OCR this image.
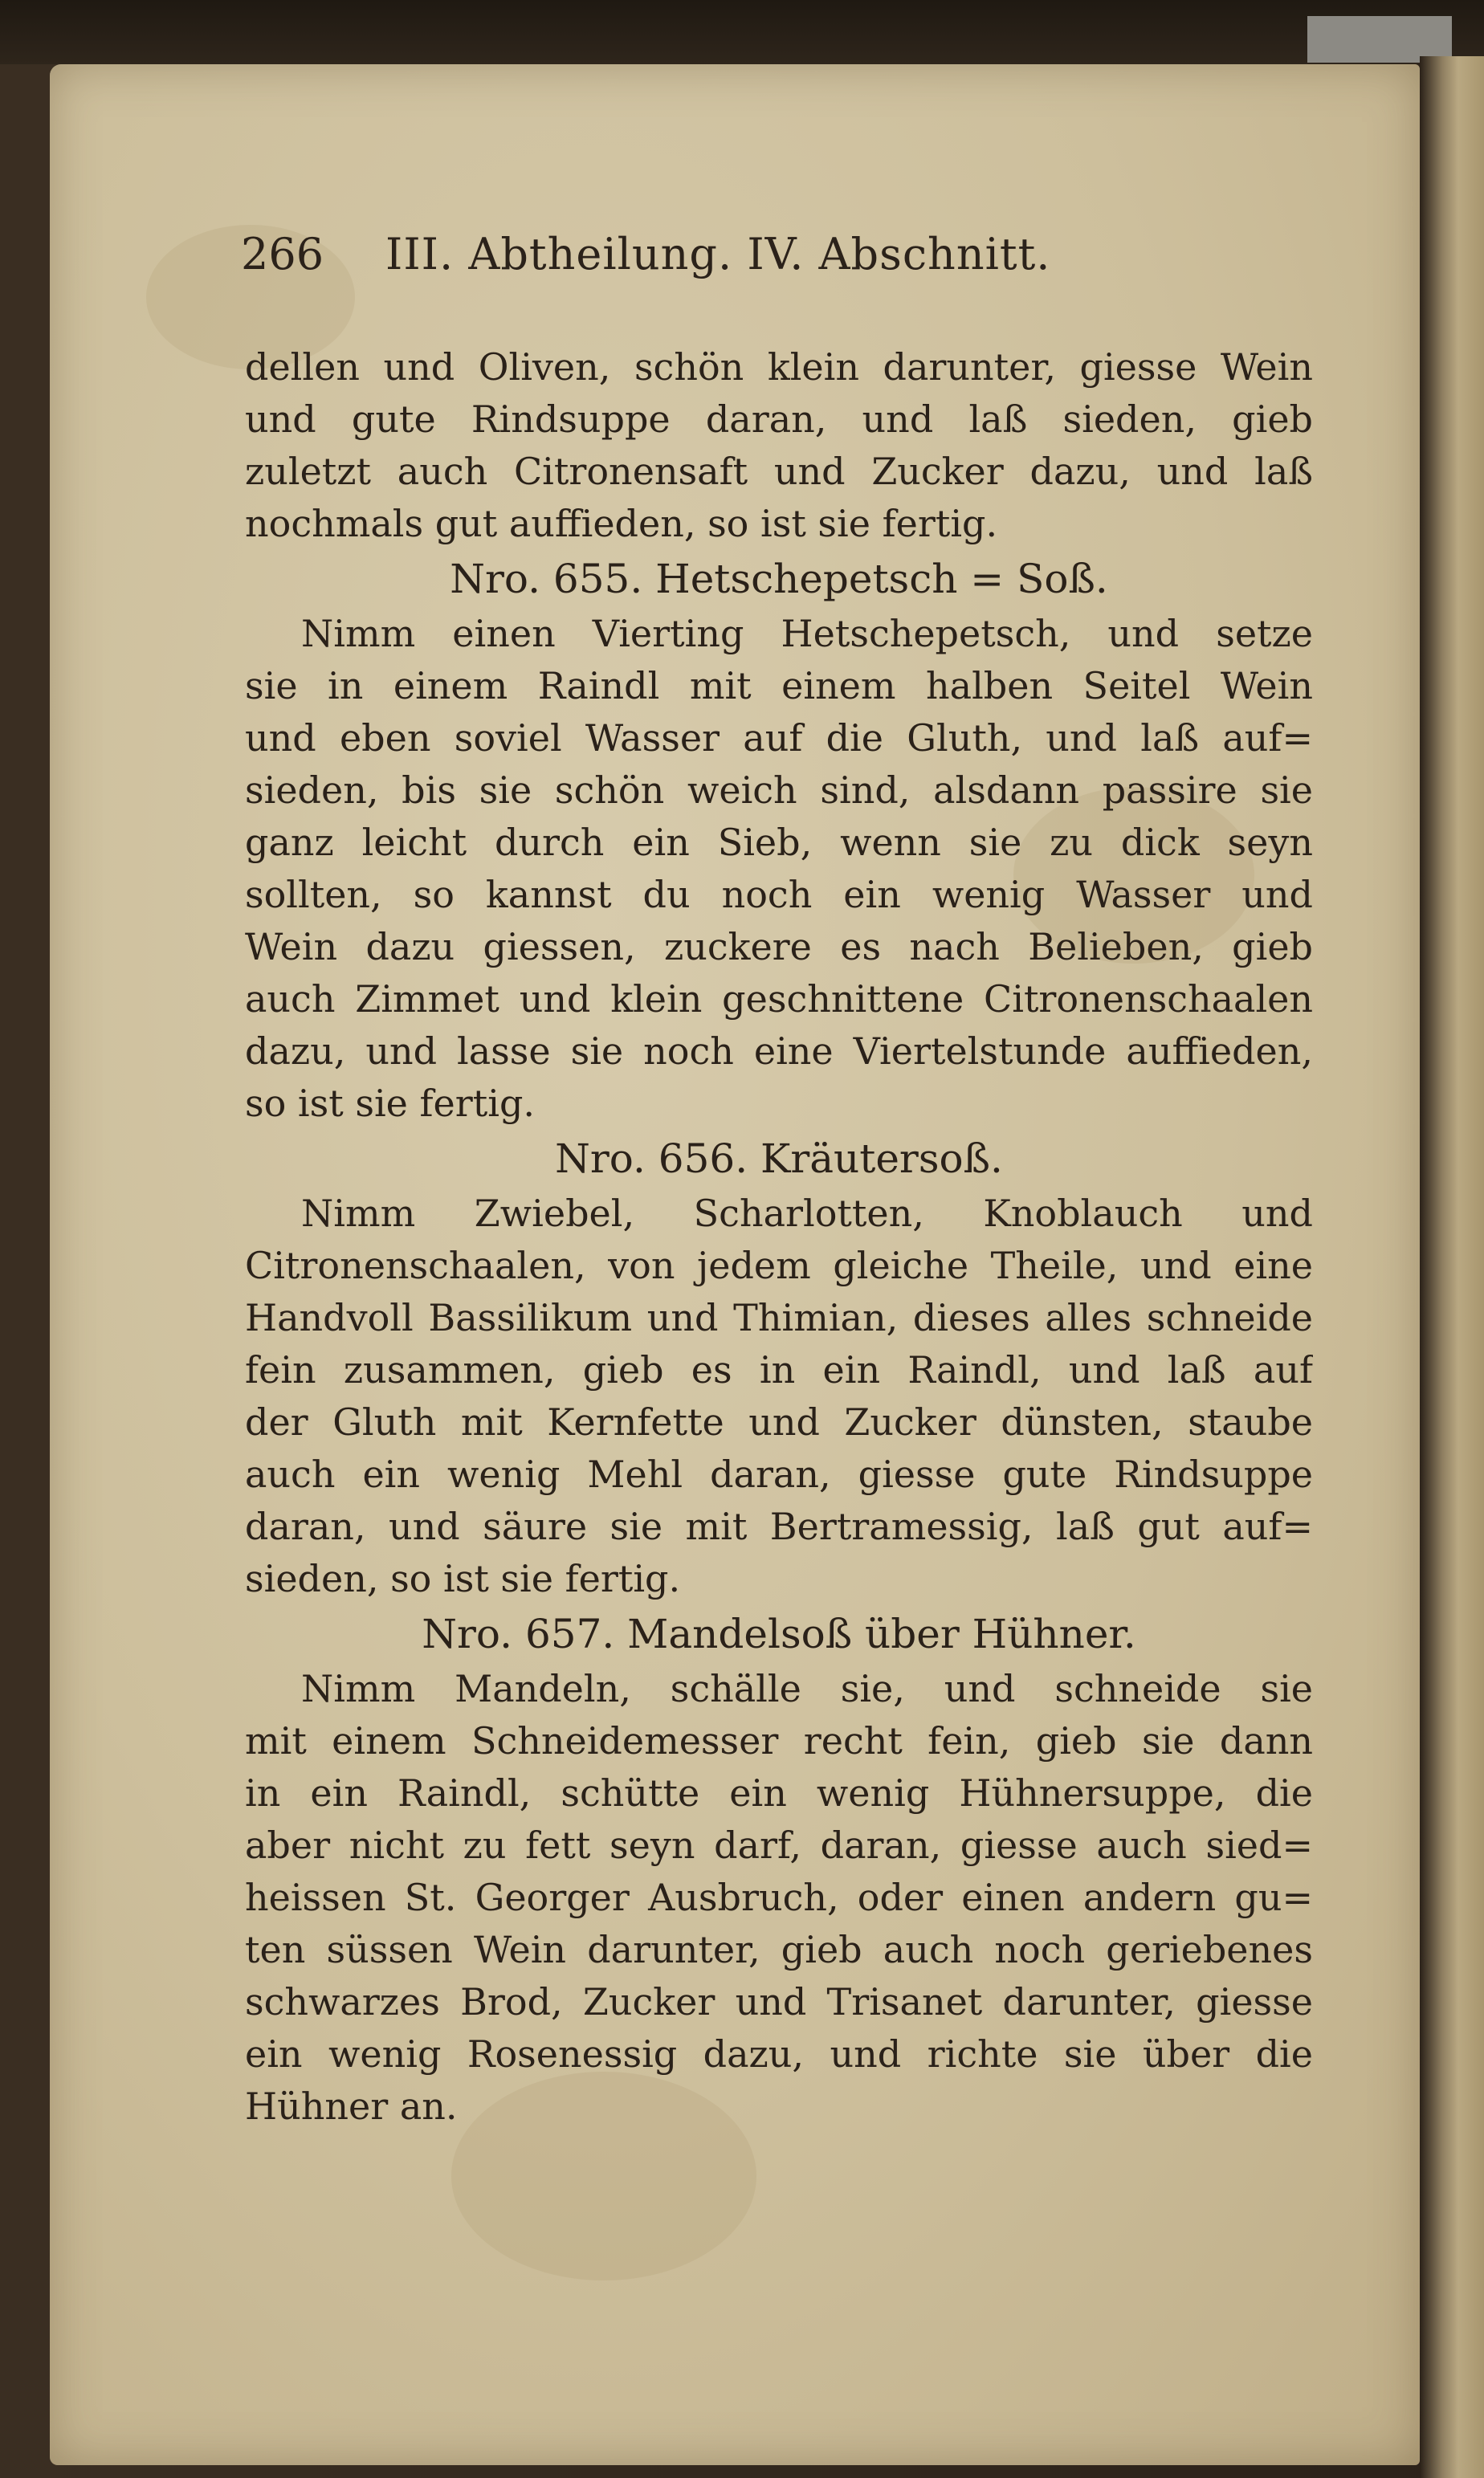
266	III. Abtheilung. IV. Abschnitt.
dellen und Oliven, schön klein darunter, giesse Wein
und gute Rindsuppe daran, und laß sieden, gieb
zuletzt auch Citronensaft und Zucker dazu, und laß
nochmals gut auffieden, so ist sie fertig.
Nro. 655. Hetschepetsch = Soß.
Nimm einen Vierting Hetschepetsch, und setze
sie in einem Raindl mit einem halben Seitel Wein
und eben soviel Wasser auf die Gluth, und laß auf=
sieden, bis sie schön weich sind, alsdann passire sie
ganz leicht durch ein Sieb, wenn sie zu dick seyn
sollten, so kannst du noch ein wenig Wasser und
Wein dazu giessen, zuckere es nach Belieben, gieb
auch Zimmet und klein geschnittene Citronenschaalen
dazu, und lasse sie noch eine Viertelstunde auffieden,
so ist sie fertig.
Nro. 656. Kräutersoß.
Nimm Zwiebel, Scharlotten, Knoblauch und
Citronenschaalen, von jedem gleiche Theile, und eine
Handvoll Bassilikum und Thimian, dieses alles schneide
fein zusammen, gieb es in ein Raindl, und laß auf
der Gluth mit Kernfette und Zucker dünsten, staube
auch ein wenig Mehl daran, giesse gute Rindsuppe
daran, und säure sie mit Bertramessig, laß gut auf=
sieden, so ist sie fertig.
Nro. 657. Mandelsoß über Hühner.
Nimm Mandeln, schälle sie, und schneide sie
mit einem Schneidemesser recht fein, gieb sie dann
in ein Raindl, schütte ein wenig Hühnersuppe, die
aber nicht zu fett seyn darf, daran, giesse auch sied=
heissen St. Georger Ausbruch, oder einen andern gu=
ten süssen Wein darunter, gieb auch noch geriebenes
schwarzes Brod, Zucker und Trisanet darunter, giesse
ein wenig Rosenessig dazu, und richte sie über die
Hühner an.
